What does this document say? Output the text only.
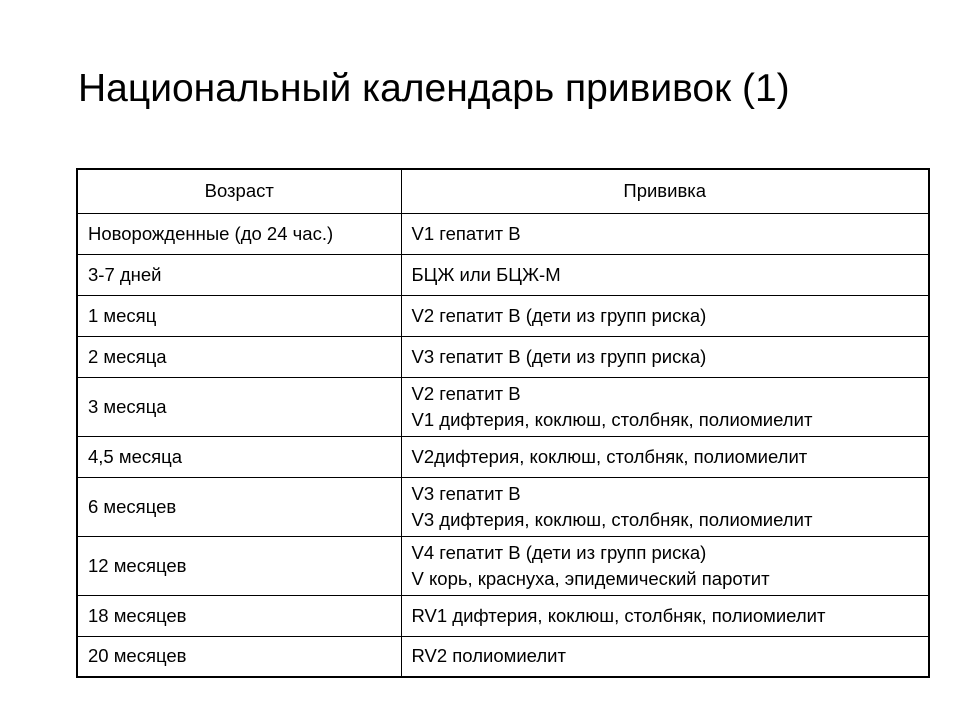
Национальный календарь прививок (1)
Возраст	Прививка
Новорожденные (до 24 час.)	V1 гепатит В

3-7 дней	БЦЖ или БЦЖ-М

1 месяц	V2 гепатит В (дети из групп риска)

2 месяца	V3 гепатит В (дети из групп риска)

3 месяца	V2 гепатит В
V1 дифтерия, коклюш, столбняк, полиомиелит

4,5 месяца	V2дифтерия, коклюш, столбняк, полиомиелит

6 месяцев	V3 гепатит В
V3 дифтерия, коклюш, столбняк, полиомиелит

12 месяцев	V4 гепатит В (дети из групп риска)
V корь, краснуха, эпидемический паротит

18 месяцев	RV1 дифтерия, коклюш, столбняк, полиомиелит

20 месяцев	RV2 полиомиелит
